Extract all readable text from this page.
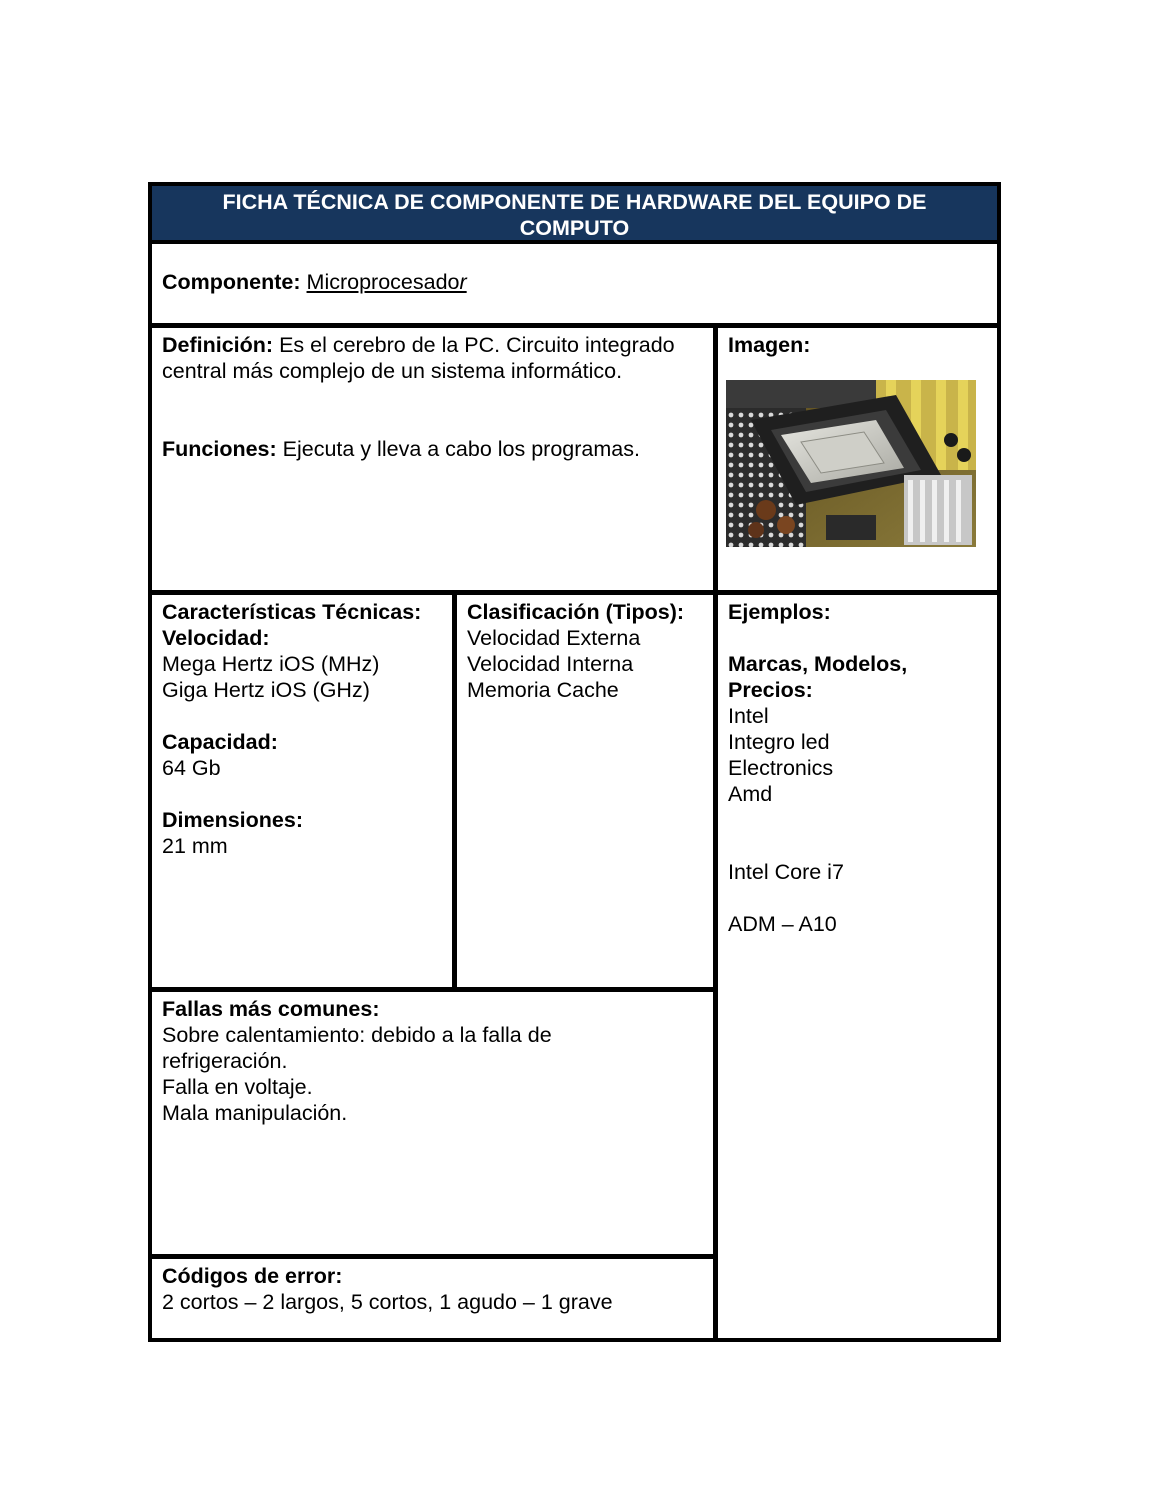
FICHA TÉCNICA DE COMPONENTE DE HARDWARE DEL EQUIPO DE COMPUTO
Componente: Microprocesador
Definición: Es el cerebro de la PC. Circuito integrado
central más complejo de un sistema informático.
Funciones: Ejecuta y lleva a cabo los programas.
Imagen:
Características Técnicas:
Velocidad:
Mega Hertz iOS (MHz)
Giga Hertz iOS (GHz)
Capacidad:
64 Gb
Dimensiones:
21 mm
Clasificación (Tipos):
Velocidad Externa
Velocidad Interna
Memoria Cache
Ejemplos:
Marcas, Modelos,
Precios:
Intel
Integro led
Electronics
Amd
Intel Core i7
ADM – A10
Fallas más comunes:
Sobre calentamiento: debido a la falla de
refrigeración.
Falla en voltaje.
Mala manipulación.
Códigos de error:
2 cortos – 2 largos, 5 cortos, 1 agudo – 1 grave
